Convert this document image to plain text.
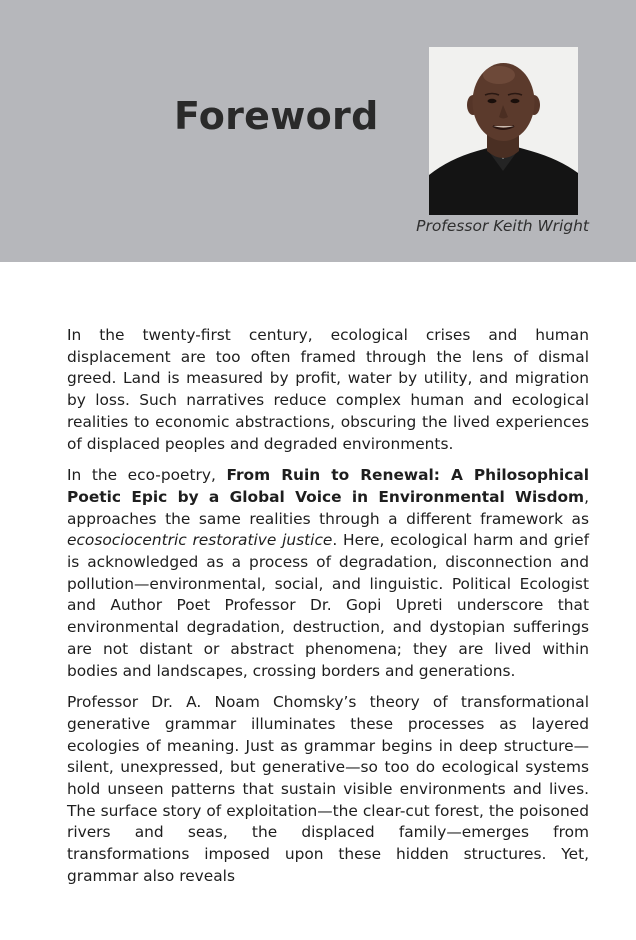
Foreword
Professor Keith Wright

In the twenty-first century, ecological crises and human displacement are too often framed through the lens of dismal greed. Land is measured by profit, water by utility, and migration by loss. Such narratives reduce complex human and ecological realities to economic abstractions, obscuring the lived experiences of displaced peoples and degraded environments.

In the eco-poetry, From Ruin to Renewal: A Philosophical Poetic Epic by a Global Voice in Environmental Wisdom, approaches the same realities through a different framework as ecosociocentric restorative justice. Here, ecological harm and grief is acknowledged as a process of degradation, disconnection and pollution—environmental, social, and linguistic. Political Ecologist and Author Poet Professor Dr. Gopi Upreti underscore that environmental degradation, destruction, and dystopian sufferings are not distant or abstract phenomena; they are lived within bodies and landscapes, crossing borders and generations.

Professor Dr. A. Noam Chomsky’s theory of transformational generative grammar illuminates these processes as layered ecologies of meaning. Just as grammar begins in deep structure—silent, unexpressed, but generative—so too do ecological systems hold unseen patterns that sustain visible environments and lives. The surface story of exploitation—the clear-cut forest, the poisoned rivers and seas, the displaced family—emerges from transformations imposed upon these hidden structures. Yet, grammar also reveals
